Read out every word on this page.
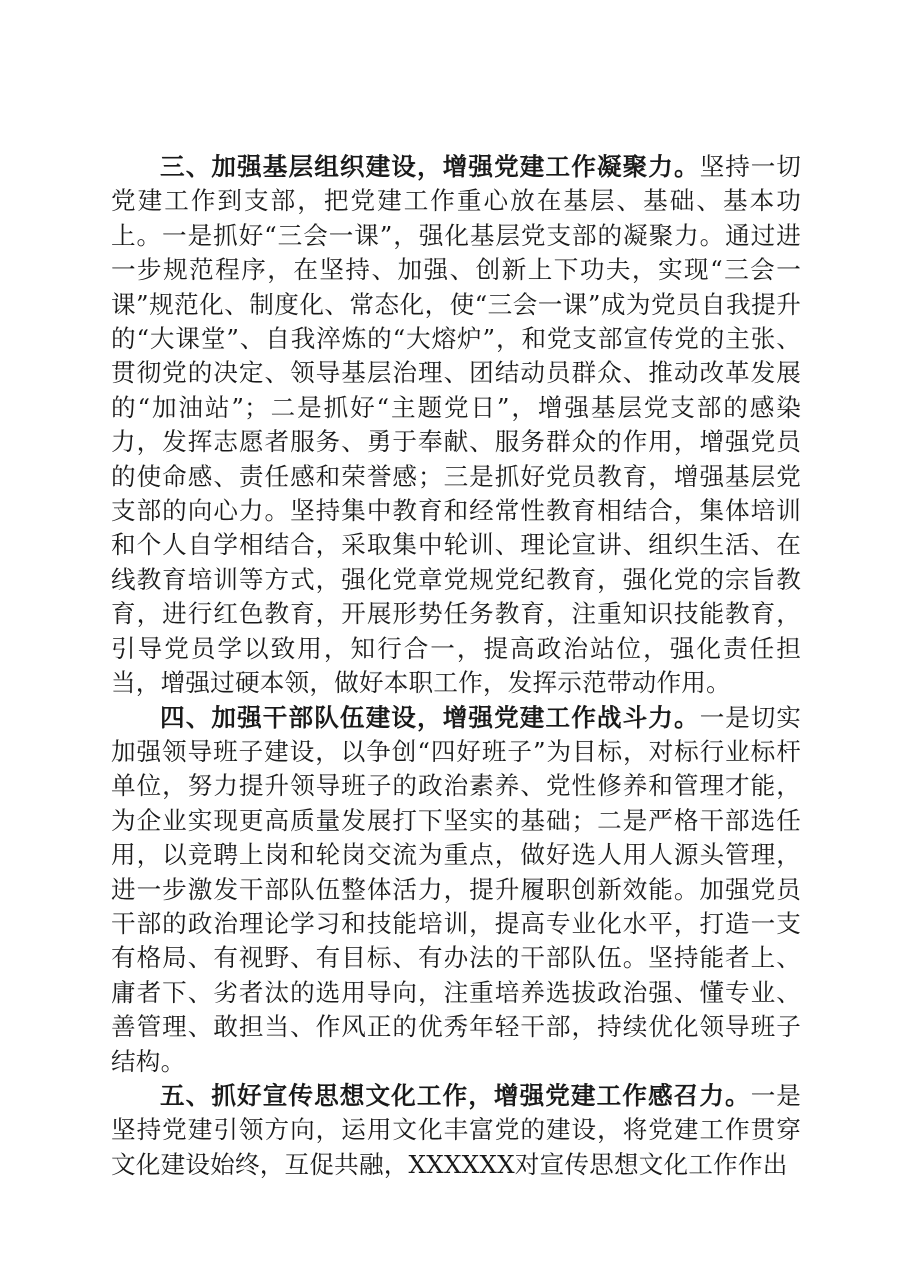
三、加强基层组织建设，增强党建工作凝聚力。坚持一切党建工作到支部，把党建工作重心放在基层、基础、基本功上。一是抓好“三会一课”，强化基层党支部的凝聚力。通过进一步规范程序，在坚持、加强、创新上下功夫，实现“三会一课”规范化、制度化、常态化，使“三会一课”成为党员自我提升的“大课堂”、自我淬炼的“大熔炉”，和党支部宣传党的主张、贯彻党的决定、领导基层治理、团结动员群众、推动改革发展的“加油站”；二是抓好“主题党日”，增强基层党支部的感染力，发挥志愿者服务、勇于奉献、服务群众的作用，增强党员的使命感、责任感和荣誉感；三是抓好党员教育，增强基层党支部的向心力。坚持集中教育和经常性教育相结合，集体培训和个人自学相结合，采取集中轮训、理论宣讲、组织生活、在线教育培训等方式，强化党章党规党纪教育，强化党的宗旨教育，进行红色教育，开展形势任务教育，注重知识技能教育，引导党员学以致用，知行合一，提高政治站位，强化责任担当，增强过硬本领，做好本职工作，发挥示范带动作用。

四、加强干部队伍建设，增强党建工作战斗力。一是切实加强领导班子建设，以争创“四好班子”为目标，对标行业标杆单位，努力提升领导班子的政治素养、党性修养和管理才能，为企业实现更高质量发展打下坚实的基础；二是严格干部选任用，以竞聘上岗和轮岗交流为重点，做好选人用人源头管理，进一步激发干部队伍整体活力，提升履职创新效能。加强党员干部的政治理论学习和技能培训，提高专业化水平，打造一支有格局、有视野、有目标、有办法的干部队伍。坚持能者上、庸者下、劣者汰的选用导向，注重培养选拔政治强、懂专业、善管理、敢担当、作风正的优秀年轻干部，持续优化领导班子结构。

五、抓好宣传思想文化工作，增强党建工作感召力。一是坚持党建引领方向，运用文化丰富党的建设，将党建工作贯穿文化建设始终，互促共融，XXXXXX对宣传思想文化工作作出
